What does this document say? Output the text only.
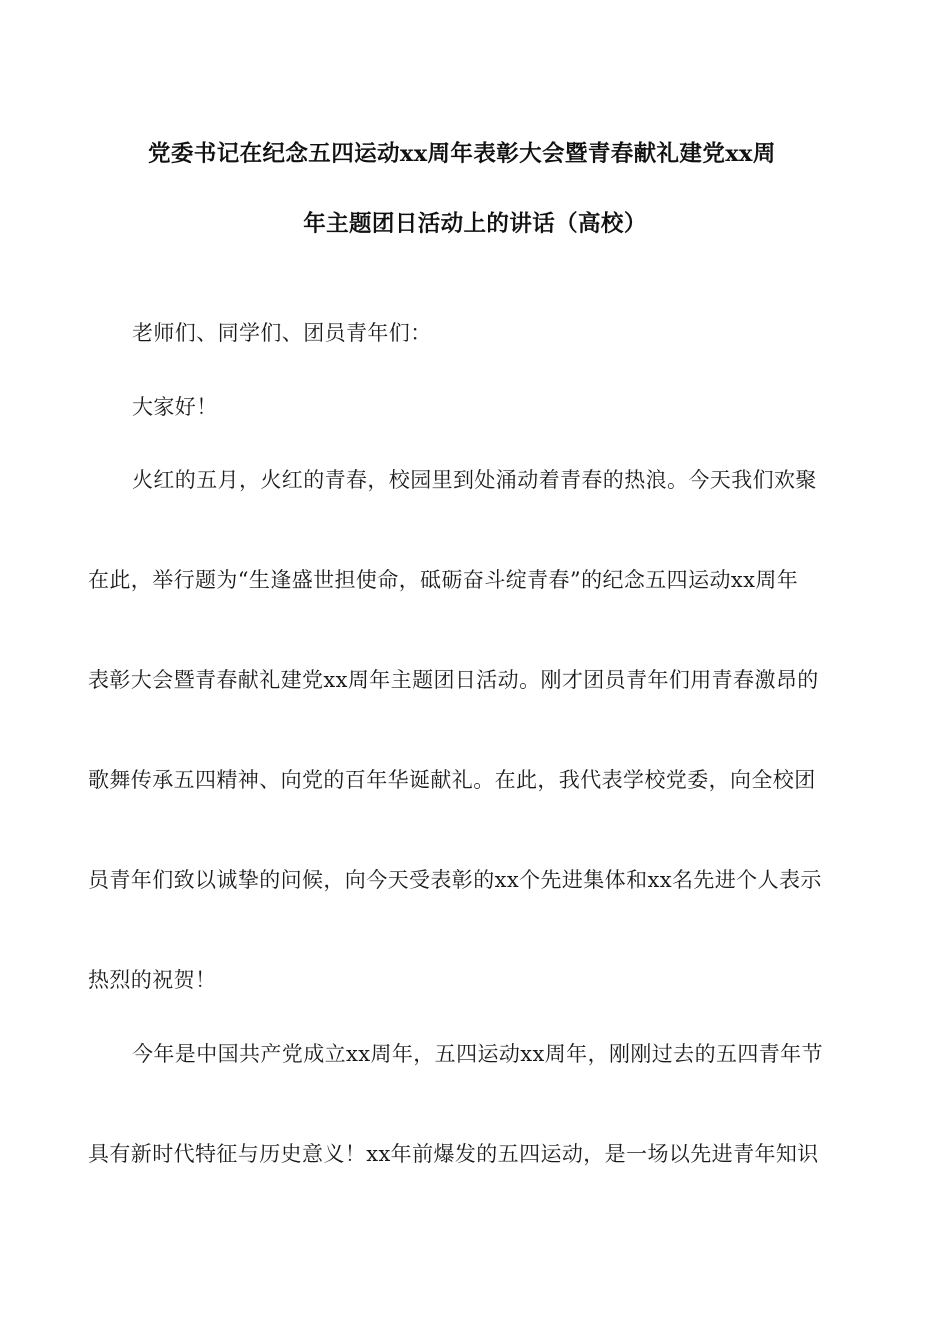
党委书记在纪念五四运动xx周年表彰大会暨青春献礼建党xx周
年主题团日活动上的讲话（高校）

老师们、同学们、团员青年们：

大家好！

火红的五月，火红的青春，校园里到处涌动着青春的热浪。今天我们欢聚

在此，举行题为“生逢盛世担使命，砥砺奋斗绽青春”的纪念五四运动xx周年

表彰大会暨青春献礼建党xx周年主题团日活动。刚才团员青年们用青春激昂的

歌舞传承五四精神、向党的百年华诞献礼。在此，我代表学校党委，向全校团

员青年们致以诚挚的问候，向今天受表彰的xx个先进集体和xx名先进个人表示

热烈的祝贺！

今年是中国共产党成立xx周年，五四运动xx周年，刚刚过去的五四青年节

具有新时代特征与历史意义！xx年前爆发的五四运动，是一场以先进青年知识
